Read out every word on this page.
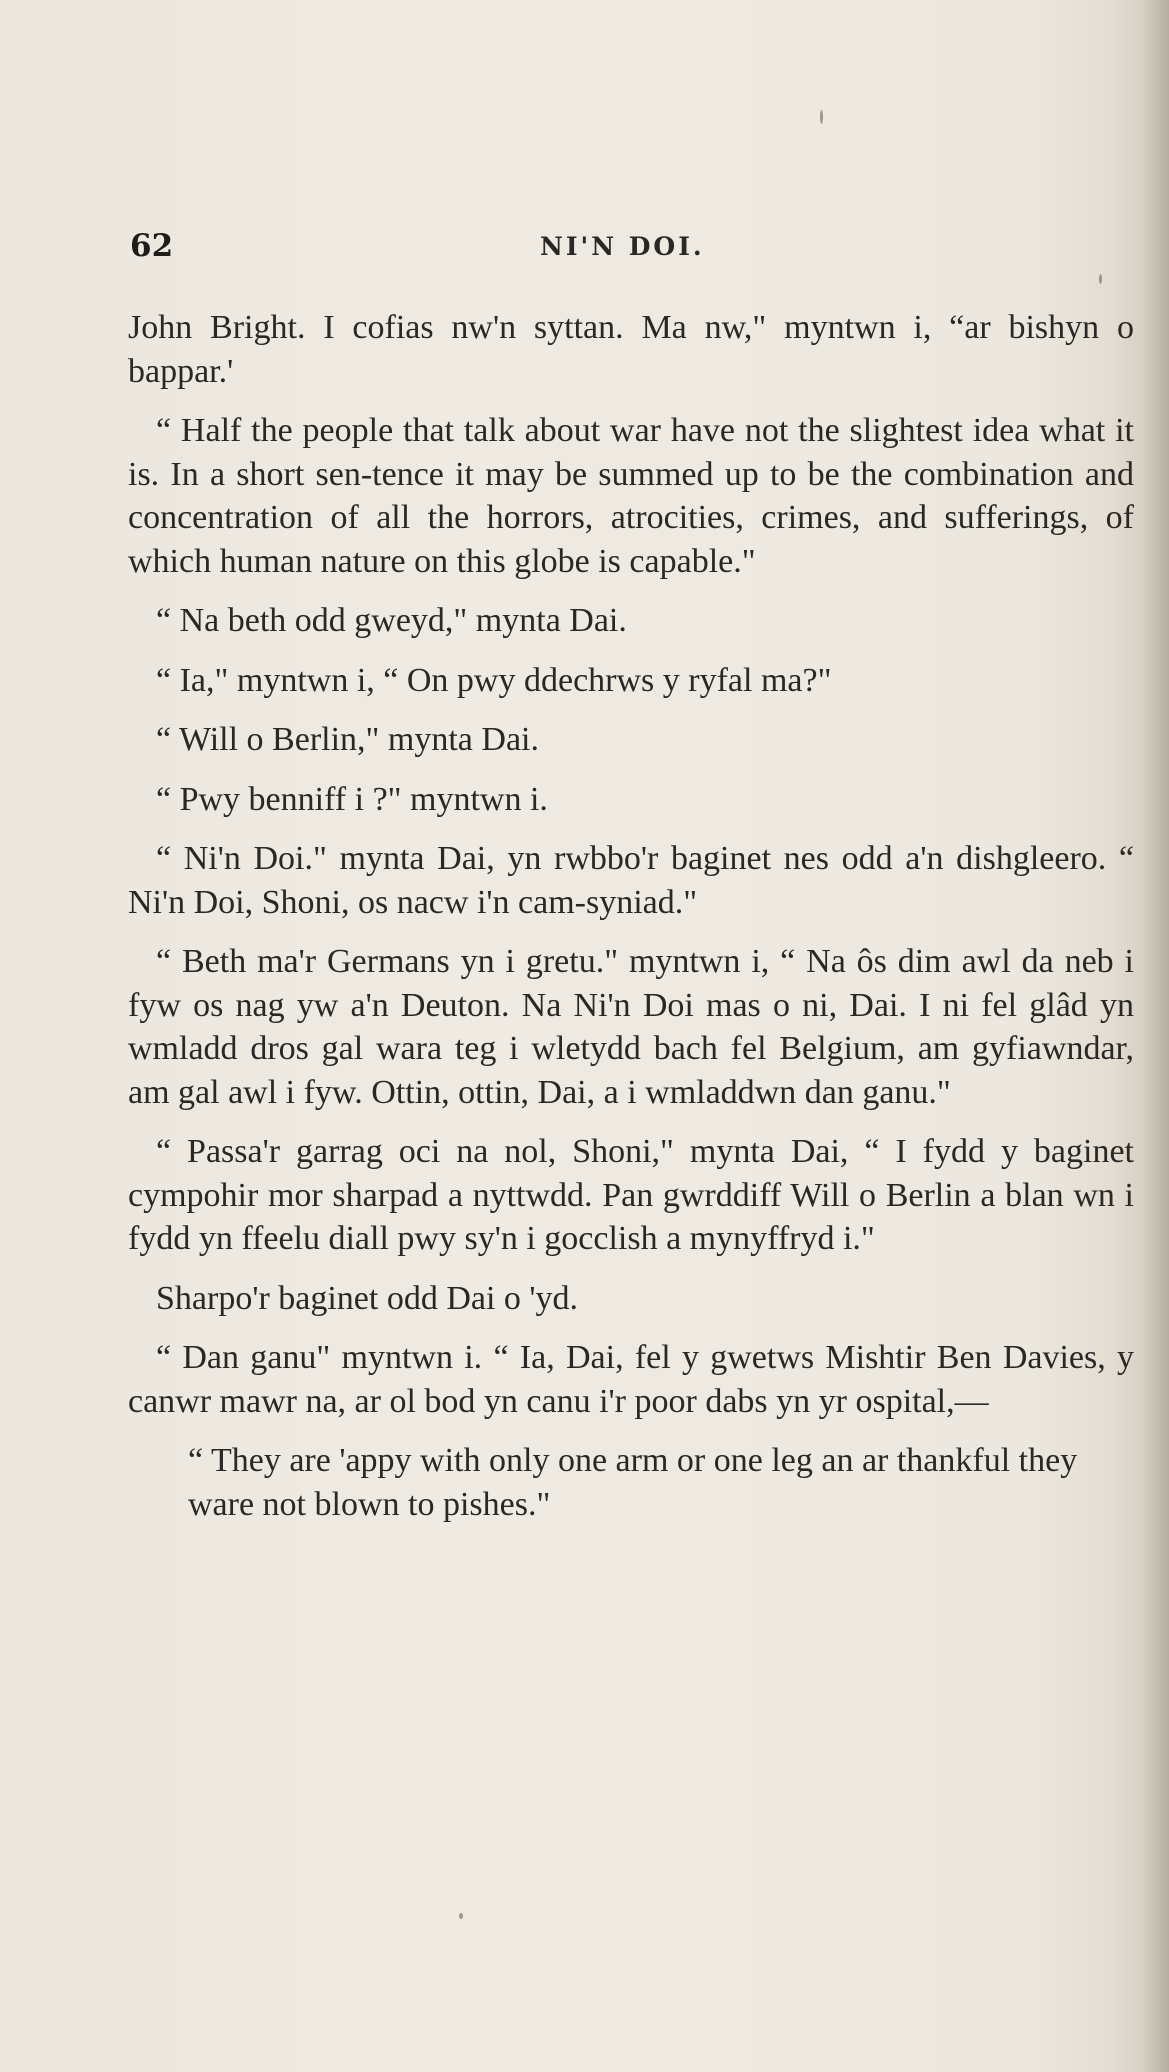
62	NI'N DOI.

John Bright. I cofias nw'n syttan. Ma nw," myntwn i, “ar bishyn o bappar.'

“ Half the people that talk about war have not the slightest idea what it is. In a short sen-tence it may be summed up to be the combination and concentration of all the horrors, atrocities, crimes, and sufferings, of which human nature on this globe is capable."

“ Na beth odd gweyd," mynta Dai.

“ Ia," myntwn i, “ On pwy ddechrws y ryfal ma?"

“ Will o Berlin," mynta Dai.

“ Pwy benniff i ?" myntwn i.

“ Ni'n Doi." mynta Dai, yn rwbbo'r baginet nes odd a'n dishgleero. “ Ni'n Doi, Shoni, os nacw i'n cam-syniad."

“ Beth ma'r Germans yn i gretu." myntwn i, “ Na ôs dim awl da neb i fyw os nag yw a'n Deuton. Na Ni'n Doi mas o ni, Dai. I ni fel glâd yn wmladd dros gal wara teg i wletydd bach fel Belgium, am gyfiawndar, am gal awl i fyw. Ottin, ottin, Dai, a i wmladdwn dan ganu."

“ Passa'r garrag oci na nol, Shoni," mynta Dai, “ I fydd y baginet cympohir mor sharpad a nyttwdd. Pan gwrddiff Will o Berlin a blan wn i fydd yn ffeelu diall pwy sy'n i gocclish a mynyffryd i."

Sharpo'r baginet odd Dai o 'yd.

“ Dan ganu" myntwn i. “ Ia, Dai, fel y gwetws Mishtir Ben Davies, y canwr mawr na, ar ol bod yn canu i'r poor dabs yn yr ospital,—

“ They are 'appy with only one arm or one leg an ar thankful they ware not blown to pishes."
